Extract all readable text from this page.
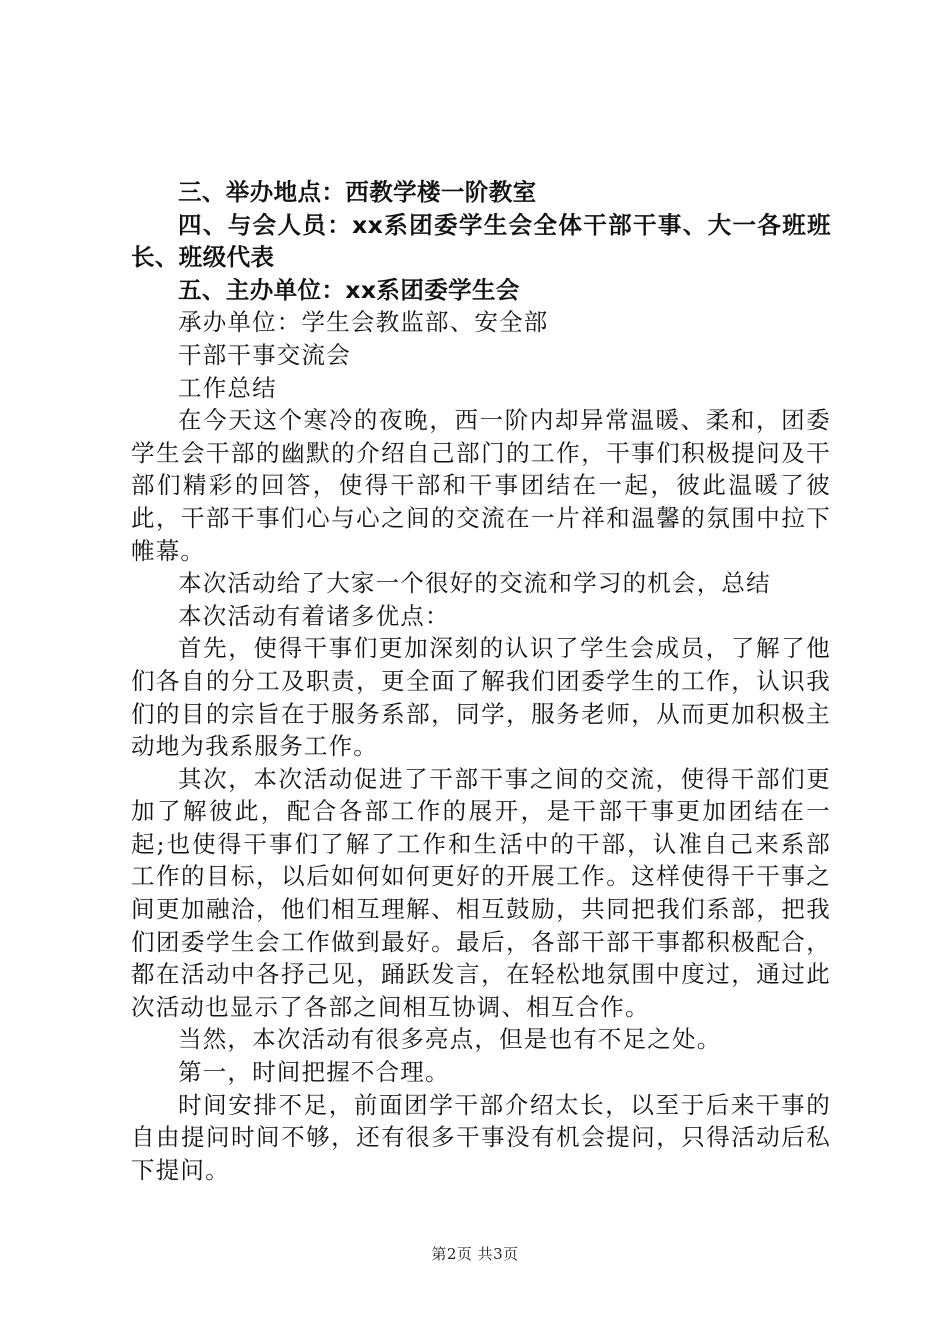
三、举办地点：西教学楼一阶教室

四、与会人员：xx系团委学生会全体干部干事、大一各班班长、班级代表

五、主办单位：xx系团委学生会

承办单位：学生会教监部、安全部

干部干事交流会

工作总结

在今天这个寒冷的夜晚，西一阶内却异常温暖、柔和，团委学生会干部的幽默的介绍自己部门的工作，干事们积极提问及干部们精彩的回答，使得干部和干事团结在一起，彼此温暖了彼此，干部干事们心与心之间的交流在一片祥和温馨的氛围中拉下帷幕。

本次活动给了大家一个很好的交流和学习的机会，总结

本次活动有着诸多优点：

首先，使得干事们更加深刻的认识了学生会成员，了解了他们各自的分工及职责，更全面了解我们团委学生的工作，认识我们的目的宗旨在于服务系部，同学，服务老师，从而更加积极主动地为我系服务工作。

其次，本次活动促进了干部干事之间的交流，使得干部们更加了解彼此，配合各部工作的展开，是干部干事更加团结在一起;也使得干事们了解了工作和生活中的干部，认准自己来系部工作的目标，以后如何如何更好的开展工作。这样使得干干事之间更加融洽，他们相互理解、相互鼓励，共同把我们系部，把我们团委学生会工作做到最好。最后，各部干部干事都积极配合，都在活动中各抒己见，踊跃发言，在轻松地氛围中度过，通过此次活动也显示了各部之间相互协调、相互合作。

当然，本次活动有很多亮点，但是也有不足之处。

第一，时间把握不合理。

时间安排不足，前面团学干部介绍太长，以至于后来干事的自由提问时间不够，还有很多干事没有机会提问，只得活动后私下提问。

第2页 共3页
